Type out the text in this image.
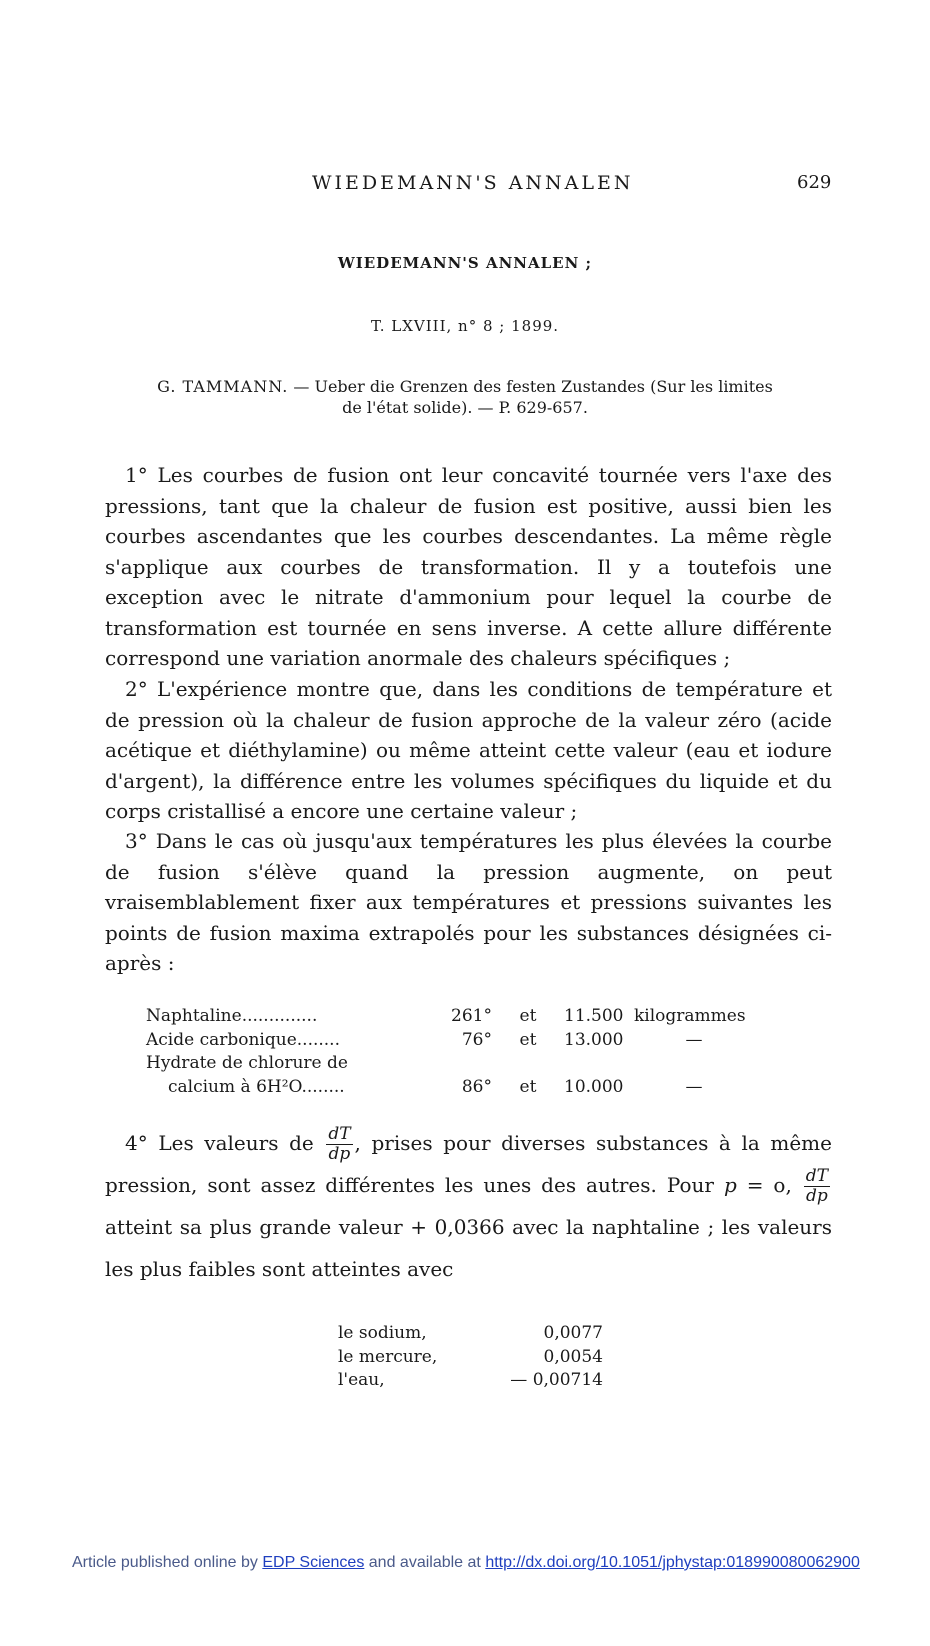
WIEDEMANN'S ANNALEN	629
WIEDEMANN'S ANNALEN ;
T. LXVIII, n° 8 ; 1899.
G. TAMMANN. — Ueber die Grenzen des festen Zustandes (Sur les limites
de l'état solide). — P. 629-657.
1° Les courbes de fusion ont leur concavité tournée vers l'axe des pressions, tant que la chaleur de fusion est positive, aussi bien les courbes ascendantes que les courbes descendantes. La même règle s'applique aux courbes de transformation. Il y a toutefois une exception avec le nitrate d'ammonium pour lequel la courbe de transformation est tournée en sens inverse. A cette allure différente correspond une variation anormale des chaleurs spécifiques ;
2° L'expérience montre que, dans les conditions de température et de pression où la chaleur de fusion approche de la valeur zéro (acide acétique et diéthylamine) ou même atteint cette valeur (eau et iodure d'argent), la différence entre les volumes spécifiques du liquide et du corps cristallisé a encore une certaine valeur ;
3° Dans le cas où jusqu'aux températures les plus élevées la courbe de fusion s'élève quand la pression augmente, on peut vraisemblablement fixer aux températures et pressions suivantes les points de fusion maxima extrapolés pour les substances désignées ci-après :
Naphtaline..............	261°	et	11.500	kilogrammes
Acide carbonique........	76°	et	13.000	—
Hydrate de chlorure de				
calcium à 6H²O........	86°	et	10.000	—
4° Les valeurs de $\frac{dT}{dp}$ , prises pour diverses substances à la même pression, sont assez différentes les unes des autres. Pour p = o, $\frac{dT}{dp}$
atteint sa plus grande valeur + 0,0366 avec la naphtaline ; les valeurs les plus faibles sont atteintes avec
le sodium,	0,0077
le mercure,	0,0054
l'eau,	— 0,00714
Article published online by EDP Sciences and available at http://dx.doi.org/10.1051/jphystap:018990080062900
